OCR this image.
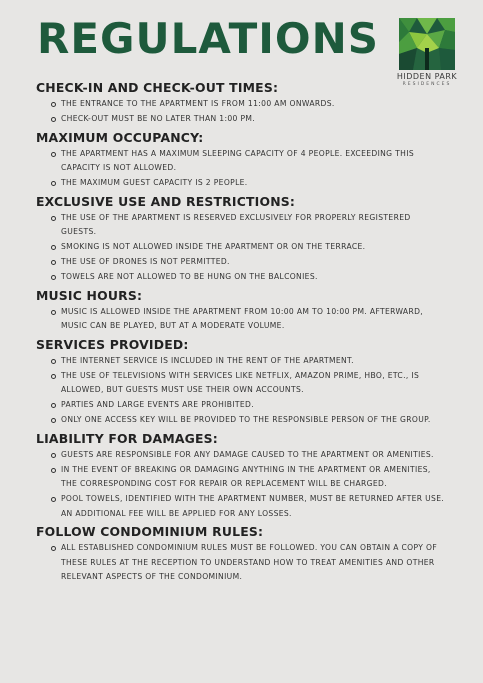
REGULATIONS
HIDDEN PARK
RESIDENCES
CHECK-IN AND CHECK-OUT TIMES:
THE ENTRANCE TO THE APARTMENT IS FROM 11:00 AM ONWARDS.
CHECK-OUT MUST BE NO LATER THAN 1:00 PM.
MAXIMUM OCCUPANCY:
THE APARTMENT HAS A MAXIMUM SLEEPING CAPACITY OF 4 PEOPLE. EXCEEDING THIS CAPACITY IS NOT ALLOWED.
THE MAXIMUM GUEST CAPACITY IS 2 PEOPLE.
EXCLUSIVE USE AND RESTRICTIONS:
THE USE OF THE APARTMENT IS RESERVED EXCLUSIVELY FOR PROPERLY REGISTERED GUESTS.
SMOKING IS NOT ALLOWED INSIDE THE APARTMENT OR ON THE TERRACE.
THE USE OF DRONES IS NOT PERMITTED.
TOWELS ARE NOT ALLOWED TO BE HUNG ON THE BALCONIES.
MUSIC HOURS:
MUSIC IS ALLOWED INSIDE THE APARTMENT FROM 10:00 AM TO 10:00 PM. AFTERWARD, MUSIC CAN BE PLAYED, BUT AT A MODERATE VOLUME.
SERVICES PROVIDED:
THE INTERNET SERVICE IS INCLUDED IN THE RENT OF THE APARTMENT.
THE USE OF TELEVISIONS WITH SERVICES LIKE NETFLIX, AMAZON PRIME, HBO, ETC., IS ALLOWED, BUT GUESTS MUST USE THEIR OWN ACCOUNTS.
PARTIES AND LARGE EVENTS ARE PROHIBITED.
ONLY ONE ACCESS KEY WILL BE PROVIDED TO THE RESPONSIBLE PERSON OF THE GROUP.
LIABILITY FOR DAMAGES:
GUESTS ARE RESPONSIBLE FOR ANY DAMAGE CAUSED TO THE APARTMENT OR AMENITIES.
IN THE EVENT OF BREAKING OR DAMAGING ANYTHING IN THE APARTMENT OR AMENITIES, THE CORRESPONDING COST FOR REPAIR OR REPLACEMENT WILL BE CHARGED.
POOL TOWELS, IDENTIFIED WITH THE APARTMENT NUMBER, MUST BE RETURNED AFTER USE. AN ADDITIONAL FEE WILL BE APPLIED FOR ANY LOSSES.
FOLLOW CONDOMINIUM RULES:
ALL ESTABLISHED CONDOMINIUM RULES MUST BE FOLLOWED. YOU CAN OBTAIN A COPY OF THESE RULES AT THE RECEPTION TO UNDERSTAND HOW TO TREAT AMENITIES AND OTHER RELEVANT ASPECTS OF THE CONDOMINIUM.
